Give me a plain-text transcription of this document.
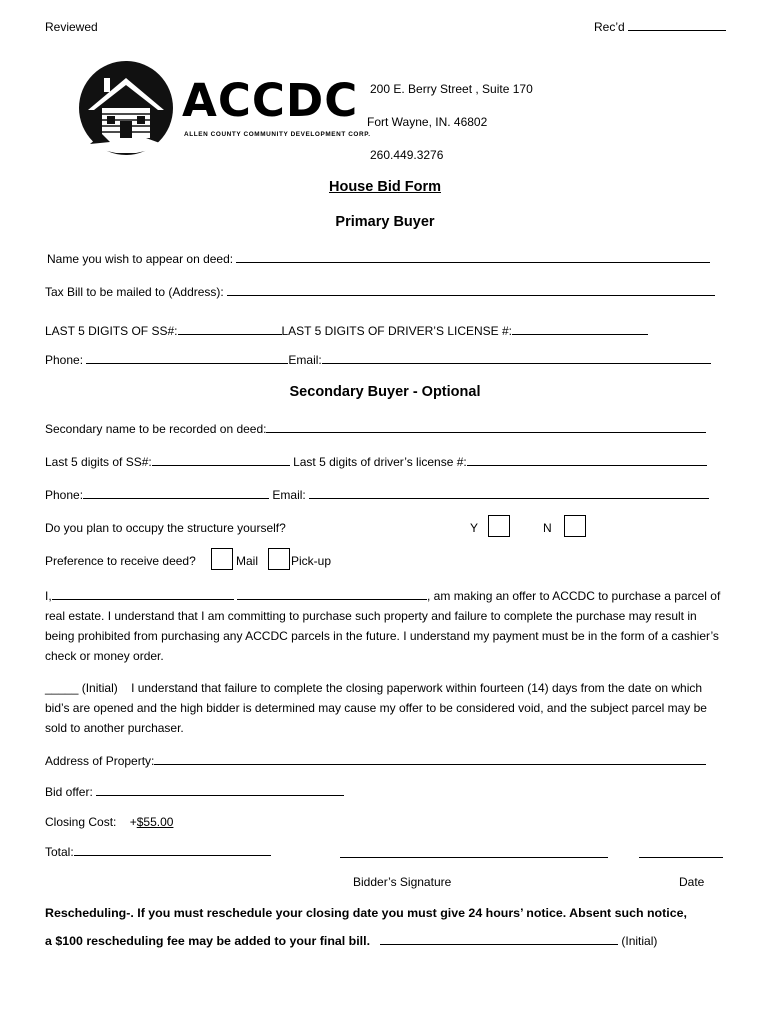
Reviewed	Rec’d
ACCDC
ALLEN COUNTY COMMUNITY DEVELOPMENT CORP.
200 E. Berry Street , Suite 170
Fort Wayne, IN. 46802
260.449.3276
House Bid Form
Primary Buyer
Name you wish to appear on deed:
Tax Bill to be mailed to (Address):
LAST 5 DIGITS OF SS#:	LAST 5 DIGITS OF DRIVER’S LICENSE #:
Phone:	Email:
Secondary Buyer - Optional
Secondary name to be recorded on deed:
Last 5 digits of SS#:	Last 5 digits of driver’s license #:
Phone:	Email:
Do you plan to occupy the structure yourself?	Y	N
Preference to receive deed?	Mail	Pick-up
I,	, am making an offer to ACCDC to purchase a parcel of real estate. I understand that I am committing to purchase such property and failure to complete the purchase may result in being prohibited from purchasing any ACCDC parcels in the future. I understand my payment must be in the form of a cashier’s check or money order.
_____ (Initial) I understand that failure to complete the closing paperwork within fourteen (14) days from the date on which bid’s are opened and the high bidder is determined may cause my offer to be considered void, and the subject parcel may be sold to another purchaser.
Address of Property:
Bid offer:
Closing Cost: +$55.00
Total:
Bidder’s Signature	Date
Rescheduling-. If you must reschedule your closing date you must give 24 hours’ notice. Absent such notice,
a $100 rescheduling fee may be added to your final bill.	(Initial)
